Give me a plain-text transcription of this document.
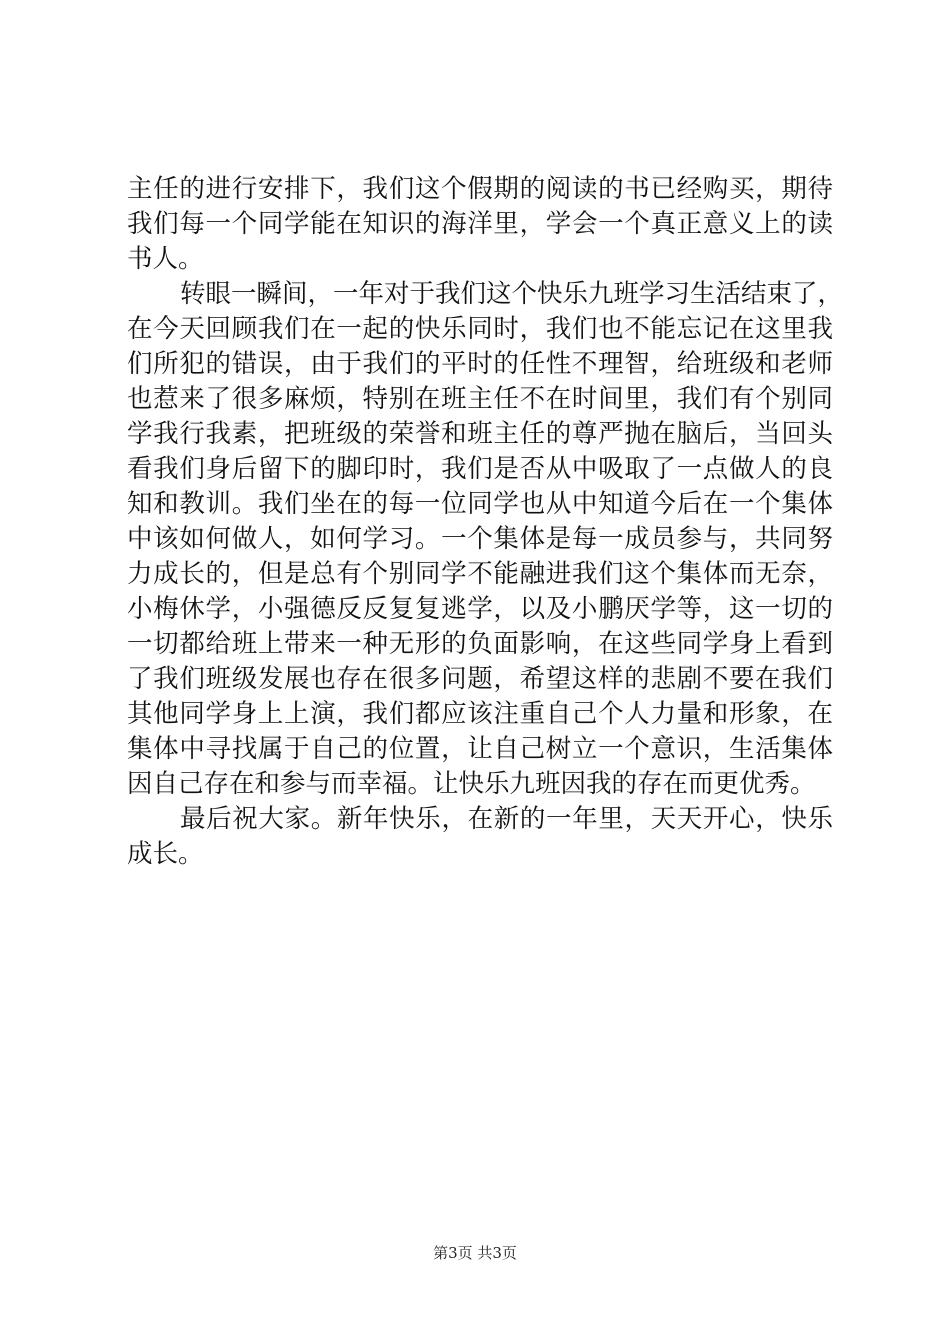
主任的进行安排下，我们这个假期的阅读的书已经购买，期待
我们每一个同学能在知识的海洋里，学会一个真正意义上的读
书人。
转眼一瞬间，一年对于我们这个快乐九班学习生活结束了，
在今天回顾我们在一起的快乐同时，我们也不能忘记在这里我
们所犯的错误，由于我们的平时的任性不理智，给班级和老师
也惹来了很多麻烦，特别在班主任不在时间里，我们有个别同
学我行我素，把班级的荣誉和班主任的尊严抛在脑后，当回头
看我们身后留下的脚印时，我们是否从中吸取了一点做人的良
知和教训。我们坐在的每一位同学也从中知道今后在一个集体
中该如何做人，如何学习。一个集体是每一成员参与，共同努
力成长的，但是总有个别同学不能融进我们这个集体而无奈，
小梅休学，小强德反反复复逃学，以及小鹏厌学等，这一切的
一切都给班上带来一种无形的负面影响，在这些同学身上看到
了我们班级发展也存在很多问题，希望这样的悲剧不要在我们
其他同学身上上演，我们都应该注重自己个人力量和形象，在
集体中寻找属于自己的位置，让自己树立一个意识，生活集体
因自己存在和参与而幸福。让快乐九班因我的存在而更优秀。
最后祝大家。新年快乐，在新的一年里，天天开心，快乐
成长。
第3页 共3页
